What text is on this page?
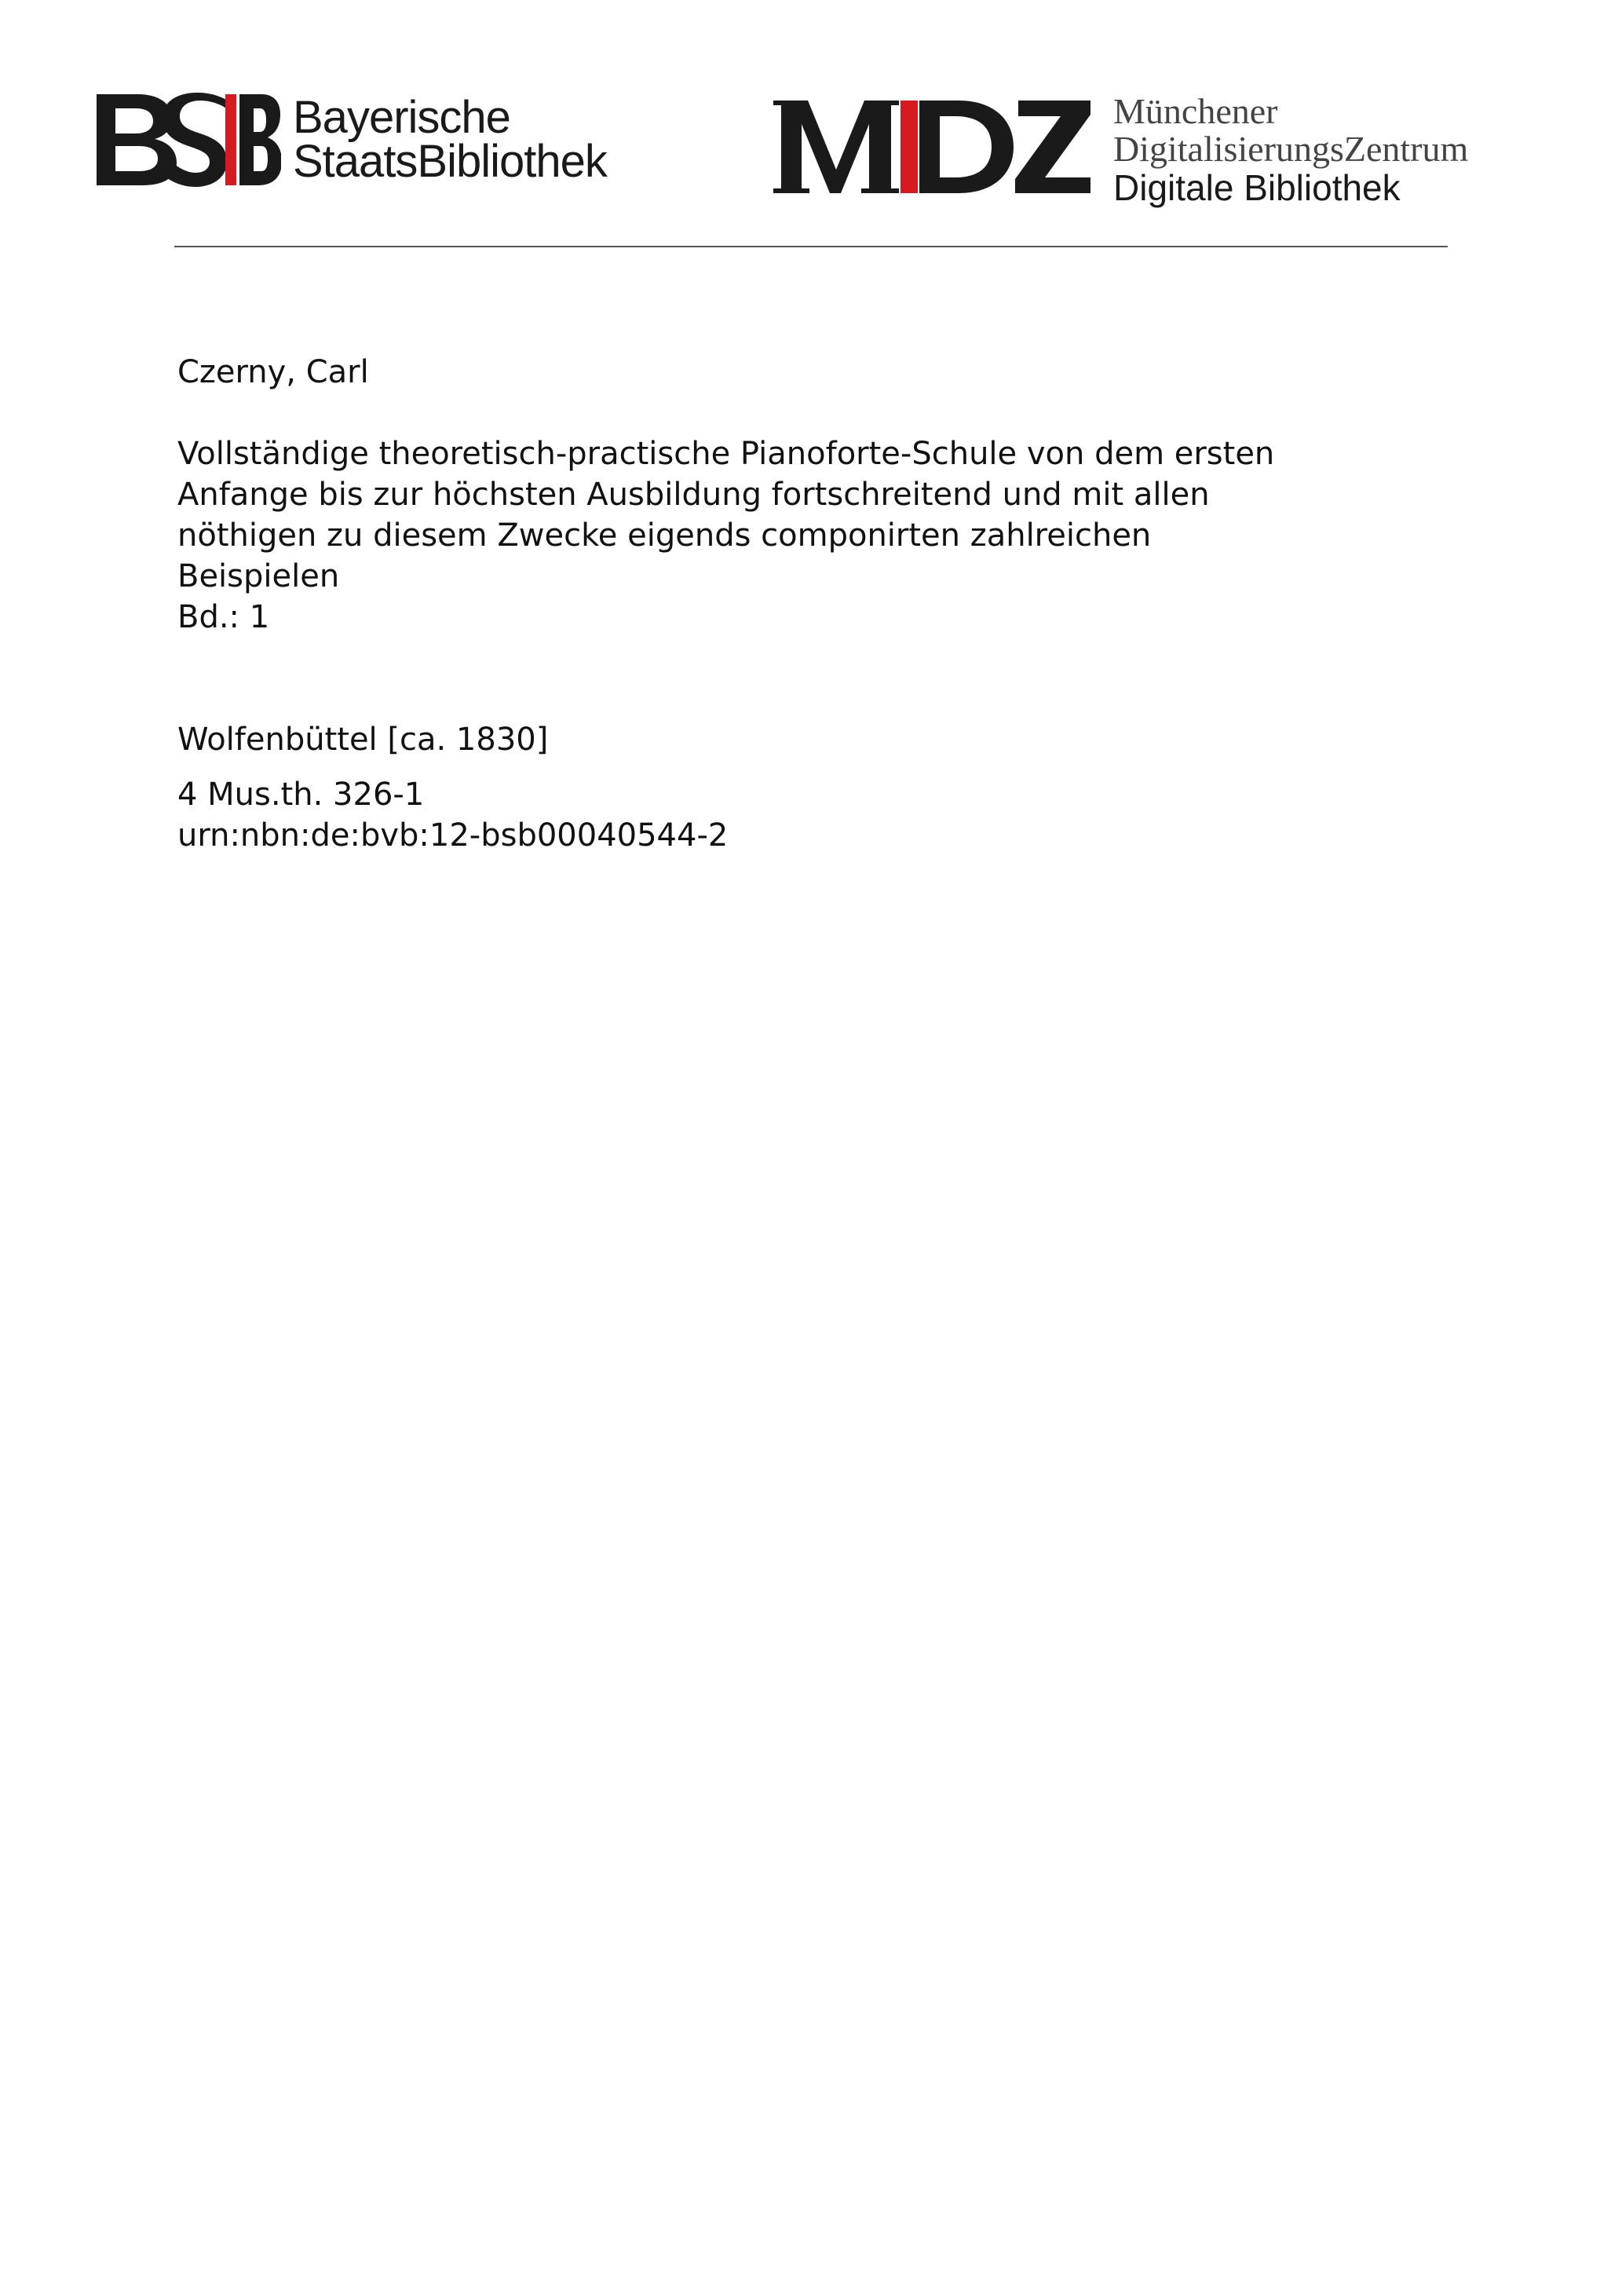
Bayerische
StaatsBibliothek
Münchener
DigitalisierungsZentrum
Digitale Bibliothek

Czerny, Carl

Vollständige theoretisch-practische Pianoforte-Schule von dem ersten Anfange bis zur höchsten Ausbildung fortschreitend und mit allen nöthigen zu diesem Zwecke eigends componirten zahlreichen Beispielen

Bd.: 1

Wolfenbüttel [ca. 1830]

4 Mus.th. 326-1

urn:nbn:de:bvb:12-bsb00040544-2
